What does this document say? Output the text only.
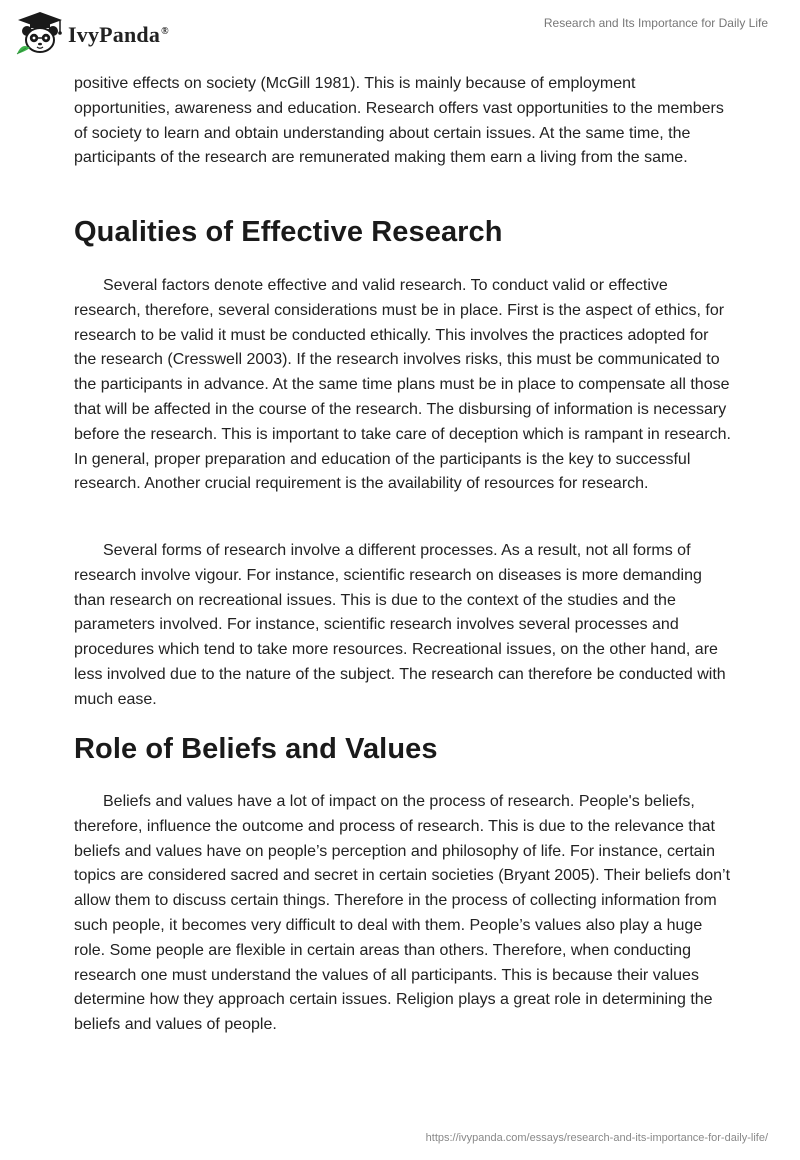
IvyPanda®
Research and Its Importance for Daily Life

positive effects on society (McGill 1981). This is mainly because of employment opportunities, awareness and education. Research offers vast opportunities to the members of society to learn and obtain understanding about certain issues. At the same time, the participants of the research are remunerated making them earn a living from the same.

Qualities of Effective Research

Several factors denote effective and valid research. To conduct valid or effective research, therefore, several considerations must be in place. First is the aspect of ethics, for research to be valid it must be conducted ethically. This involves the practices adopted for the research (Cresswell 2003). If the research involves risks, this must be communicated to the participants in advance. At the same time plans must be in place to compensate all those that will be affected in the course of the research. The disbursing of information is necessary before the research. This is important to take care of deception which is rampant in research. In general, proper preparation and education of the participants is the key to successful research. Another crucial requirement is the availability of resources for research.

Several forms of research involve a different processes. As a result, not all forms of research involve vigour. For instance, scientific research on diseases is more demanding than research on recreational issues. This is due to the context of the studies and the parameters involved. For instance, scientific research involves several processes and procedures which tend to take more resources. Recreational issues, on the other hand, are less involved due to the nature of the subject. The research can therefore be conducted with much ease.

Role of Beliefs and Values

Beliefs and values have a lot of impact on the process of research. People's beliefs, therefore, influence the outcome and process of research. This is due to the relevance that beliefs and values have on people’s perception and philosophy of life. For instance, certain topics are considered sacred and secret in certain societies (Bryant 2005). Their beliefs don’t allow them to discuss certain things. Therefore in the process of collecting information from such people, it becomes very difficult to deal with them. People’s values also play a huge role. Some people are flexible in certain areas than others. Therefore, when conducting research one must understand the values of all participants. This is because their values determine how they approach certain issues. Religion plays a great role in determining the beliefs and values of people.

https://ivypanda.com/essays/research-and-its-importance-for-daily-life/
